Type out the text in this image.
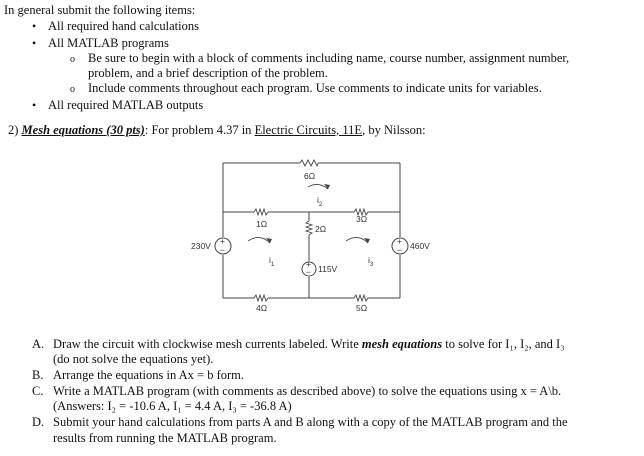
In general submit the following items:
• All required hand calculations
• All MATLAB programs
o Be sure to begin with a block of comments including name, course number, assignment number,
problem, and a brief description of the problem.
o Include comments throughout each program. Use comments to indicate units for variables.
• All required MATLAB outputs
2) Mesh equations (30 pts): For problem 4.37 in Electric Circuits, 11E, by Nilsson:
+
−
+
−
+
−
6Ω
1Ω	3Ω
2Ω
4Ω	5Ω
230V
115V
460V
$i_1$
$i_2$
$i_3$
A. Draw the circuit with clockwise mesh currents labeled. Write mesh equations to solve for I₁, I₂, and I₃
(do not solve the equations yet).
B. Arrange the equations in Ax = b form.
C. Write a MATLAB program (with comments as described above) to solve the equations using x = A\b.
(Answers: I₂ = -10.6 A, I₁ = 4.4 A, I₃ = -36.8 A)
D. Submit your hand calculations from parts A and B along with a copy of the MATLAB program and the
results from running the MATLAB program.
